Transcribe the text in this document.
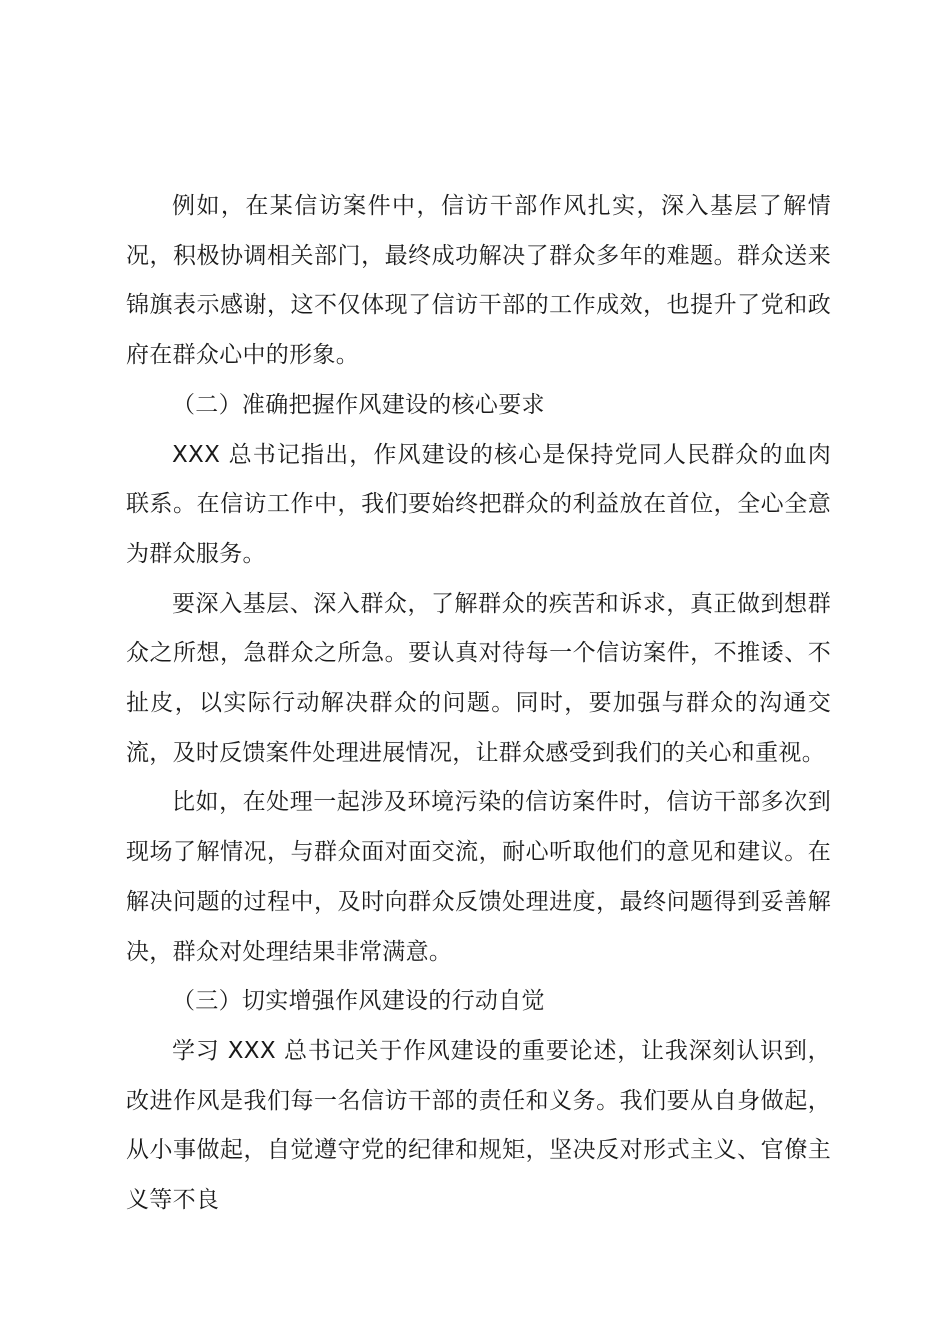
例如，在某信访案件中，信访干部作风扎实，深入基层了解情况，积极协调相关部门，最终成功解决了群众多年的难题。群众送来锦旗表示感谢，这不仅体现了信访干部的工作成效，也提升了党和政府在群众心中的形象。

（二）准确把握作风建设的核心要求

XXX 总书记指出，作风建设的核心是保持党同人民群众的血肉联系。在信访工作中，我们要始终把群众的利益放在首位，全心全意为群众服务。

要深入基层、深入群众，了解群众的疾苦和诉求，真正做到想群众之所想，急群众之所急。要认真对待每一个信访案件，不推诿、不扯皮，以实际行动解决群众的问题。同时，要加强与群众的沟通交流，及时反馈案件处理进展情况，让群众感受到我们的关心和重视。

比如，在处理一起涉及环境污染的信访案件时，信访干部多次到现场了解情况，与群众面对面交流，耐心听取他们的意见和建议。在解决问题的过程中，及时向群众反馈处理进度，最终问题得到妥善解决，群众对处理结果非常满意。

（三）切实增强作风建设的行动自觉

学习 XXX 总书记关于作风建设的重要论述，让我深刻认识到，改进作风是我们每一名信访干部的责任和义务。我们要从自身做起，从小事做起，自觉遵守党的纪律和规矩，坚决反对形式主义、官僚主义等不良
